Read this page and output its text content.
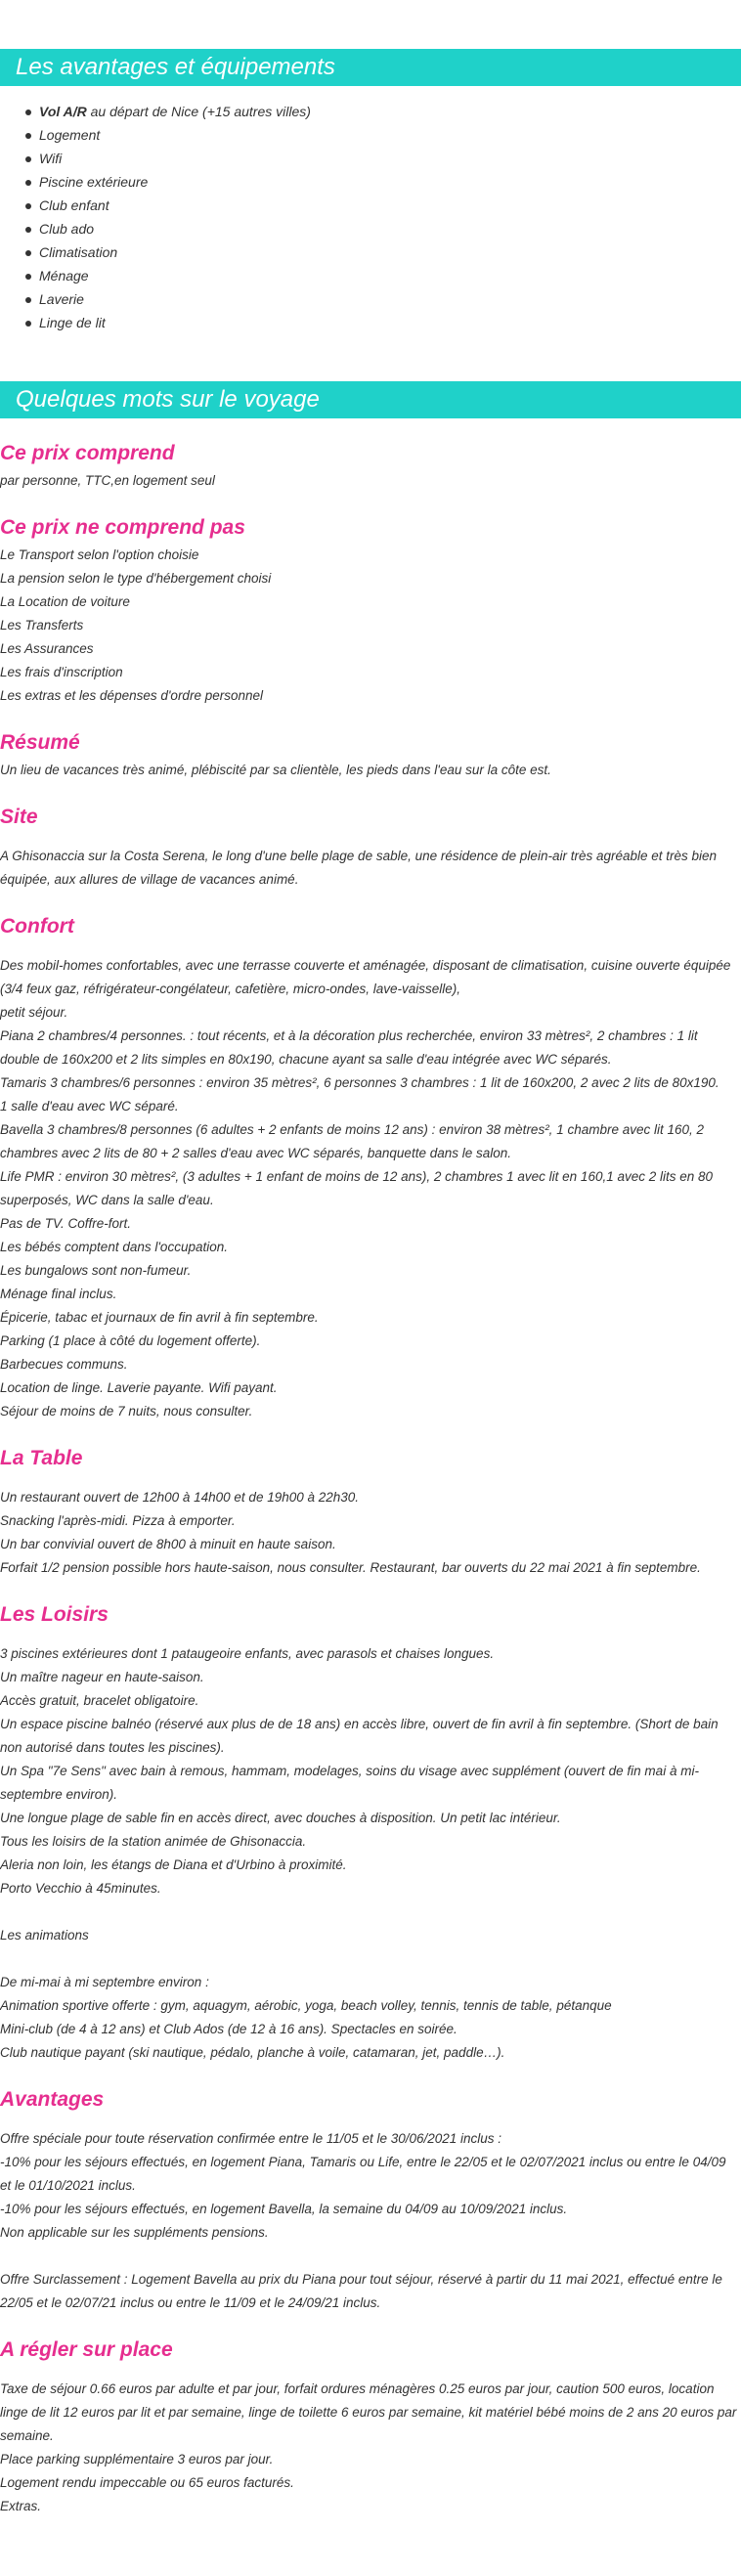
Les avantages et équipements
Vol A/R au départ de Nice (+15 autres villes)
Logement
Wifi
Piscine extérieure
Club enfant
Club ado
Climatisation
Ménage
Laverie
Linge de lit
Quelques mots sur le voyage
Ce prix comprend

par personne, TTC,en logement seul

Ce prix ne comprend pas

Le Transport selon l'option choisie

La pension selon le type d'hébergement choisi

La Location de voiture

Les Transferts

Les Assurances

Les frais d'inscription

Les extras et les dépenses d'ordre personnel

Résumé

Un lieu de vacances très animé, plébiscité par sa clientèle, les pieds dans l'eau sur la côte est.

Site

A Ghisonaccia sur la Costa Serena, le long d'une belle plage de sable, une résidence de plein-air très agréable et très bien équipée, aux allures de village de vacances animé.

Confort

Des mobil-homes confortables, avec une terrasse couverte et aménagée, disposant de climatisation, cuisine ouverte équipée (3/4 feux gaz, réfrigérateur-congélateur, cafetière, micro-ondes, lave-vaisselle),

petit séjour.

Piana 2 chambres/4 personnes. : tout récents, et à la décoration plus recherchée, environ 33 mètres², 2 chambres : 1 lit double de 160x200 et 2 lits simples en 80x190, chacune ayant sa salle d'eau intégrée avec WC séparés.

Tamaris 3 chambres/6 personnes : environ 35 mètres², 6 personnes 3 chambres : 1 lit de 160x200, 2 avec 2 lits de 80x190.

1 salle d'eau avec WC séparé.

Bavella 3 chambres/8 personnes (6 adultes + 2 enfants de moins 12 ans) : environ 38 mètres², 1 chambre avec lit 160, 2 chambres avec 2 lits de 80 + 2 salles d'eau avec WC séparés, banquette dans le salon.

Life PMR : environ 30 mètres², (3 adultes + 1 enfant de moins de 12 ans), 2 chambres 1 avec lit en 160,1 avec 2 lits en 80 superposés, WC dans la salle d'eau.

Pas de TV. Coffre-fort.

Les bébés comptent dans l'occupation.

Les bungalows sont non-fumeur.

Ménage final inclus.

Épicerie, tabac et journaux de fin avril à fin septembre.

Parking (1 place à côté du logement offerte).

Barbecues communs.

Location de linge. Laverie payante. Wifi payant.

Séjour de moins de 7 nuits, nous consulter.

La Table

Un restaurant ouvert de 12h00 à 14h00 et de 19h00 à 22h30.

Snacking l'après-midi. Pizza à emporter.

Un bar convivial ouvert de 8h00 à minuit en haute saison.

Forfait 1/2 pension possible hors haute-saison, nous consulter. Restaurant, bar ouverts du 22 mai 2021 à fin septembre.

Les Loisirs

3 piscines extérieures dont 1 pataugeoire enfants, avec parasols et chaises longues.

Un maître nageur en haute-saison.

Accès gratuit, bracelet obligatoire.

Un espace piscine balnéo (réservé aux plus de de 18 ans) en accès libre, ouvert de fin avril à fin septembre. (Short de bain non autorisé dans toutes les piscines).

Un Spa "7e Sens" avec bain à remous, hammam, modelages, soins du visage avec supplément (ouvert de fin mai à mi-septembre environ).

Une longue plage de sable fin en accès direct, avec douches à disposition. Un petit lac intérieur.

Tous les loisirs de la station animée de Ghisonaccia.

Aleria non loin, les étangs de Diana et d'Urbino à proximité.

Porto Vecchio à 45minutes.

Les animations

De mi-mai à mi septembre environ :

Animation sportive offerte : gym, aquagym, aérobic, yoga, beach volley, tennis, tennis de table, pétanque

Mini-club (de 4 à 12 ans) et Club Ados (de 12 à 16 ans). Spectacles en soirée.

Club nautique payant (ski nautique, pédalo, planche à voile, catamaran, jet, paddle…).

Avantages

Offre spéciale pour toute réservation confirmée entre le 11/05 et le 30/06/2021 inclus :

-10% pour les séjours effectués, en logement Piana, Tamaris ou Life, entre le 22/05 et le 02/07/2021 inclus ou entre le 04/09 et le 01/10/2021 inclus.

-10% pour les séjours effectués, en logement Bavella, la semaine du 04/09 au 10/09/2021 inclus.

Non applicable sur les suppléments pensions.

Offre Surclassement : Logement Bavella au prix du Piana pour tout séjour, réservé à partir du 11 mai 2021, effectué entre le 22/05 et le 02/07/21 inclus ou entre le 11/09 et le 24/09/21 inclus.

A régler sur place

Taxe de séjour 0.66 euros par adulte et par jour, forfait ordures ménagères 0.25 euros par jour, caution 500 euros, location linge de lit 12 euros par lit et par semaine, linge de toilette 6 euros par semaine, kit matériel bébé moins de 2 ans 20 euros par semaine.

Place parking supplémentaire 3 euros par jour.

Logement rendu impeccable ou 65 euros facturés.

Extras.
